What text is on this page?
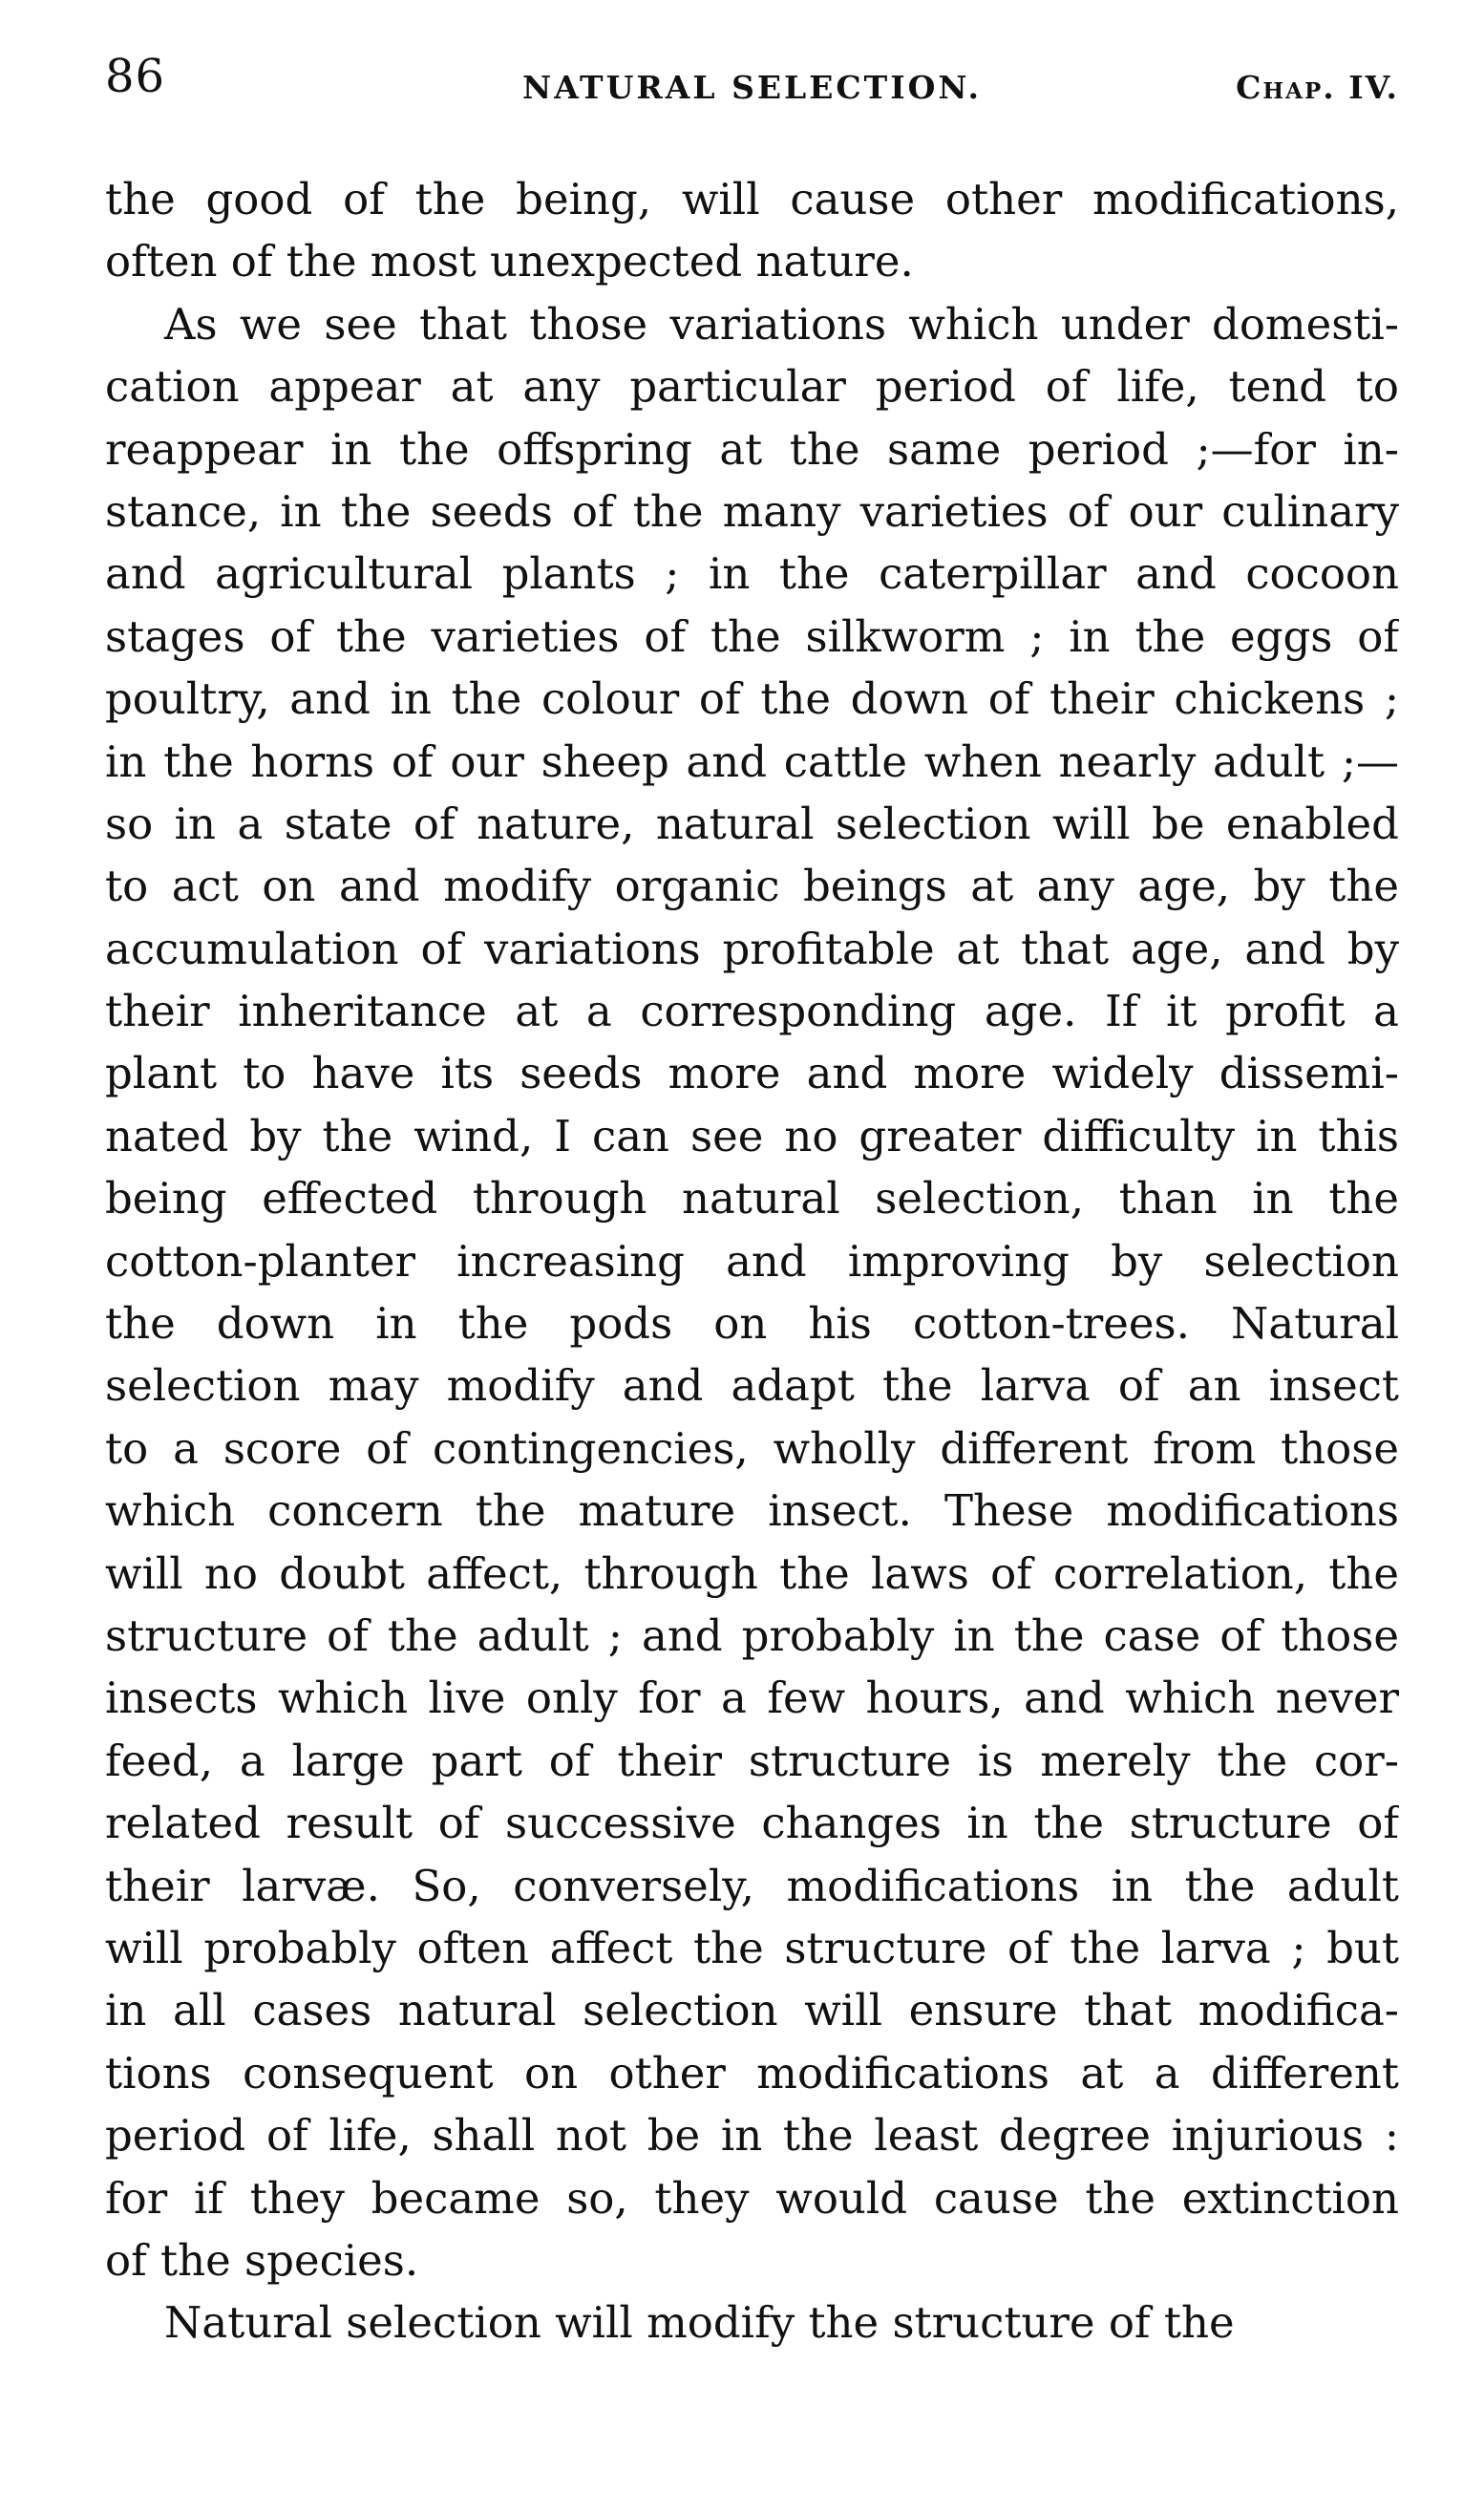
86	NATURAL SELECTION.	Chap. IV.
the good of the being, will cause other modifications,
often of the most unexpected nature.
As we see that those variations which under domesti-
cation appear at any particular period of life, tend to
reappear in the offspring at the same period ;—for in-
stance, in the seeds of the many varieties of our culinary
and agricultural plants ; in the caterpillar and cocoon
stages of the varieties of the silkworm ; in the eggs of
poultry, and in the colour of the down of their chickens ;
in the horns of our sheep and cattle when nearly adult ;—
so in a state of nature, natural selection will be enabled
to act on and modify organic beings at any age, by the
accumulation of variations profitable at that age, and by
their inheritance at a corresponding age. If it profit a
plant to have its seeds more and more widely dissemi-
nated by the wind, I can see no greater difficulty in this
being effected through natural selection, than in the
cotton-planter increasing and improving by selection
the down in the pods on his cotton-trees. Natural
selection may modify and adapt the larva of an insect
to a score of contingencies, wholly different from those
which concern the mature insect. These modifications
will no doubt affect, through the laws of correlation, the
structure of the adult ; and probably in the case of those
insects which live only for a few hours, and which never
feed, a large part of their structure is merely the cor-
related result of successive changes in the structure of
their larvæ. So, conversely, modifications in the adult
will probably often affect the structure of the larva ; but
in all cases natural selection will ensure that modifica-
tions consequent on other modifications at a different
period of life, shall not be in the least degree injurious :
for if they became so, they would cause the extinction
of the species.
Natural selection will modify the structure of the
